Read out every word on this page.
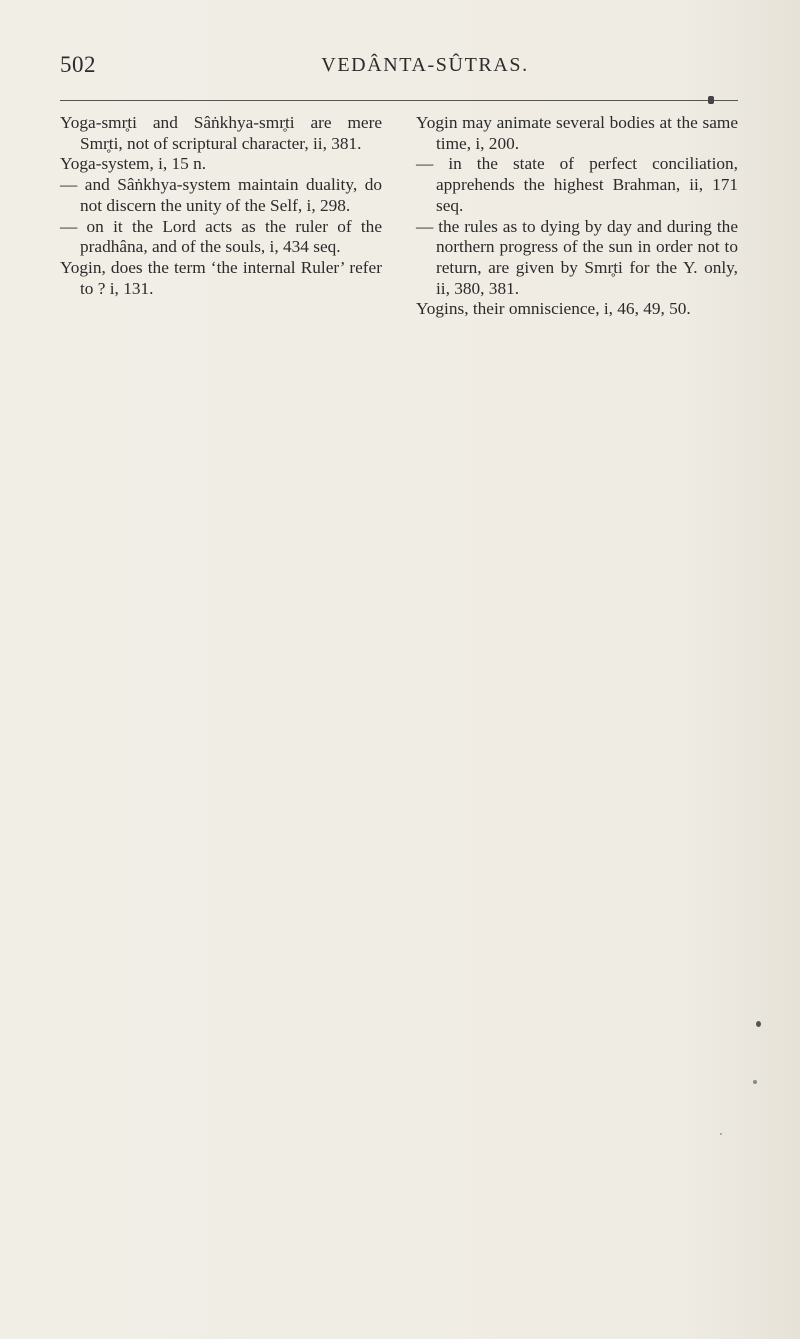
502	VEDÂNTA-SÛTRAS.
Yoga-smr̥ti and Sâṅkhya-smr̥ti are mere Smr̥ti, not of scriptural character, ii, 381.
Yoga-system, i, 15 n.
— and Sâṅkhya-system maintain duality, do not discern the unity of the Self, i, 298.
— on it the Lord acts as the ruler of the pradhâna, and of the souls, i, 434 seq.
Yogin, does the term ‘the internal Ruler’ refer to ? i, 131.
Yogin may animate several bodies at the same time, i, 200.
— in the state of perfect conciliation, apprehends the highest Brahman, ii, 171 seq.
— the rules as to dying by day and during the northern progress of the sun in order not to return, are given by Smr̥ti for the Y. only, ii, 380, 381.
Yogins, their omniscience, i, 46, 49, 50.
